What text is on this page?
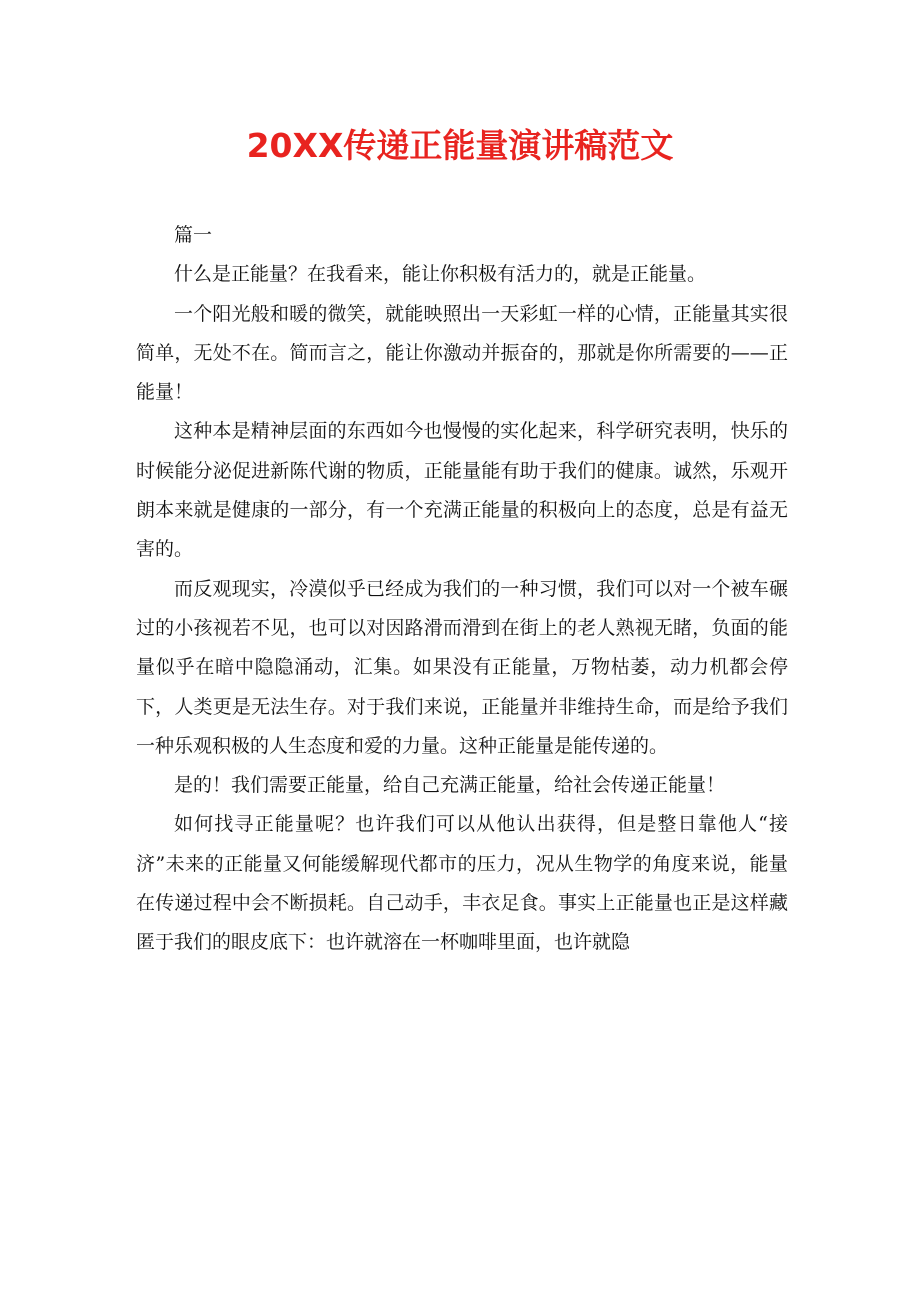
20XX传递正能量演讲稿范文

篇一

什么是正能量？在我看来，能让你积极有活力的，就是正能量。

一个阳光般和暖的微笑，就能映照出一天彩虹一样的心情，正能量其实很简单，无处不在。简而言之，能让你激动并振奋的，那就是你所需要的——正能量！

这种本是精神层面的东西如今也慢慢的实化起来，科学研究表明，快乐的时候能分泌促进新陈代谢的物质，正能量能有助于我们的健康。诚然，乐观开朗本来就是健康的一部分，有一个充满正能量的积极向上的态度，总是有益无害的。

而反观现实，冷漠似乎已经成为我们的一种习惯，我们可以对一个被车碾过的小孩视若不见，也可以对因路滑而滑到在街上的老人熟视无睹，负面的能量似乎在暗中隐隐涌动，汇集。如果没有正能量，万物枯萎，动力机都会停下，人类更是无法生存。对于我们来说，正能量并非维持生命，而是给予我们一种乐观积极的人生态度和爱的力量。这种正能量是能传递的。

是的！我们需要正能量，给自己充满正能量，给社会传递正能量！

如何找寻正能量呢？也许我们可以从他认出获得，但是整日靠他人“接济”未来的正能量又何能缓解现代都市的压力，况从生物学的角度来说，能量在传递过程中会不断损耗。自己动手，丰衣足食。事实上正能量也正是这样藏匿于我们的眼皮底下：也许就溶在一杯咖啡里面，也许就隐
